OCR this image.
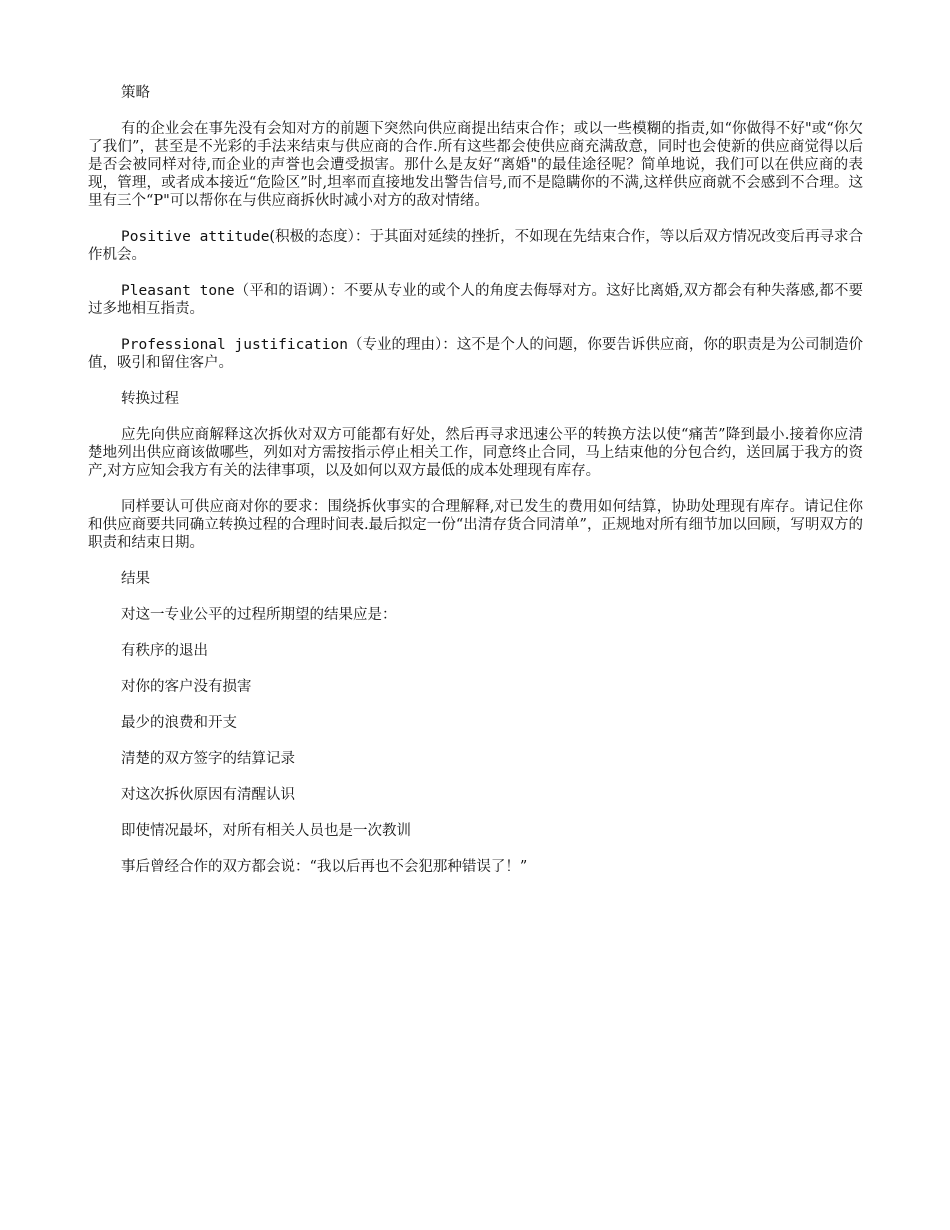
策略

有的企业会在事先没有会知对方的前题下突然向供应商提出结束合作；或以一些模糊的指责,如“你做得不好"或“你欠了我们”，甚至是不光彩的手法来结束与供应商的合作.所有这些都会使供应商充满敌意，同时也会使新的供应商觉得以后是否会被同样对待,而企业的声誉也会遭受损害。那什么是友好“离婚"的最佳途径呢？简单地说，我们可以在供应商的表现，管理，或者成本接近“危险区”时,坦率而直接地发出警告信号,而不是隐瞒你的不满,这样供应商就不会感到不合理。这里有三个“P"可以帮你在与供应商拆伙时减小对方的敌对情绪。

Positive attitude(积极的态度）：于其面对延续的挫折，不如现在先结束合作，等以后双方情况改变后再寻求合作机会。

Pleasant tone（平和的语调）：不要从专业的或个人的角度去侮辱对方。这好比离婚,双方都会有种失落感,都不要过多地相互指责。

Professional justification（专业的理由）：这不是个人的问题，你要告诉供应商，你的职责是为公司制造价值，吸引和留住客户。

转换过程

应先向供应商解释这次拆伙对双方可能都有好处，然后再寻求迅速公平的转换方法以使“痛苦”降到最小.接着你应清楚地列出供应商该做哪些，列如对方需按指示停止相关工作，同意终止合同，马上结束他的分包合约，送回属于我方的资产,对方应知会我方有关的法律事项，以及如何以双方最低的成本处理现有库存。

同样要认可供应商对你的要求：围绕拆伙事实的合理解释,对已发生的费用如何结算，协助处理现有库存。请记住你和供应商要共同确立转换过程的合理时间表.最后拟定一份“出清存货合同清单”，正规地对所有细节加以回顾，写明双方的职责和结束日期。

结果

对这一专业公平的过程所期望的结果应是：

有秩序的退出

对你的客户没有损害

最少的浪费和开支

清楚的双方签字的结算记录

对这次拆伙原因有清醒认识

即使情况最坏，对所有相关人员也是一次教训

事后曾经合作的双方都会说：“我以后再也不会犯那种错误了！”
